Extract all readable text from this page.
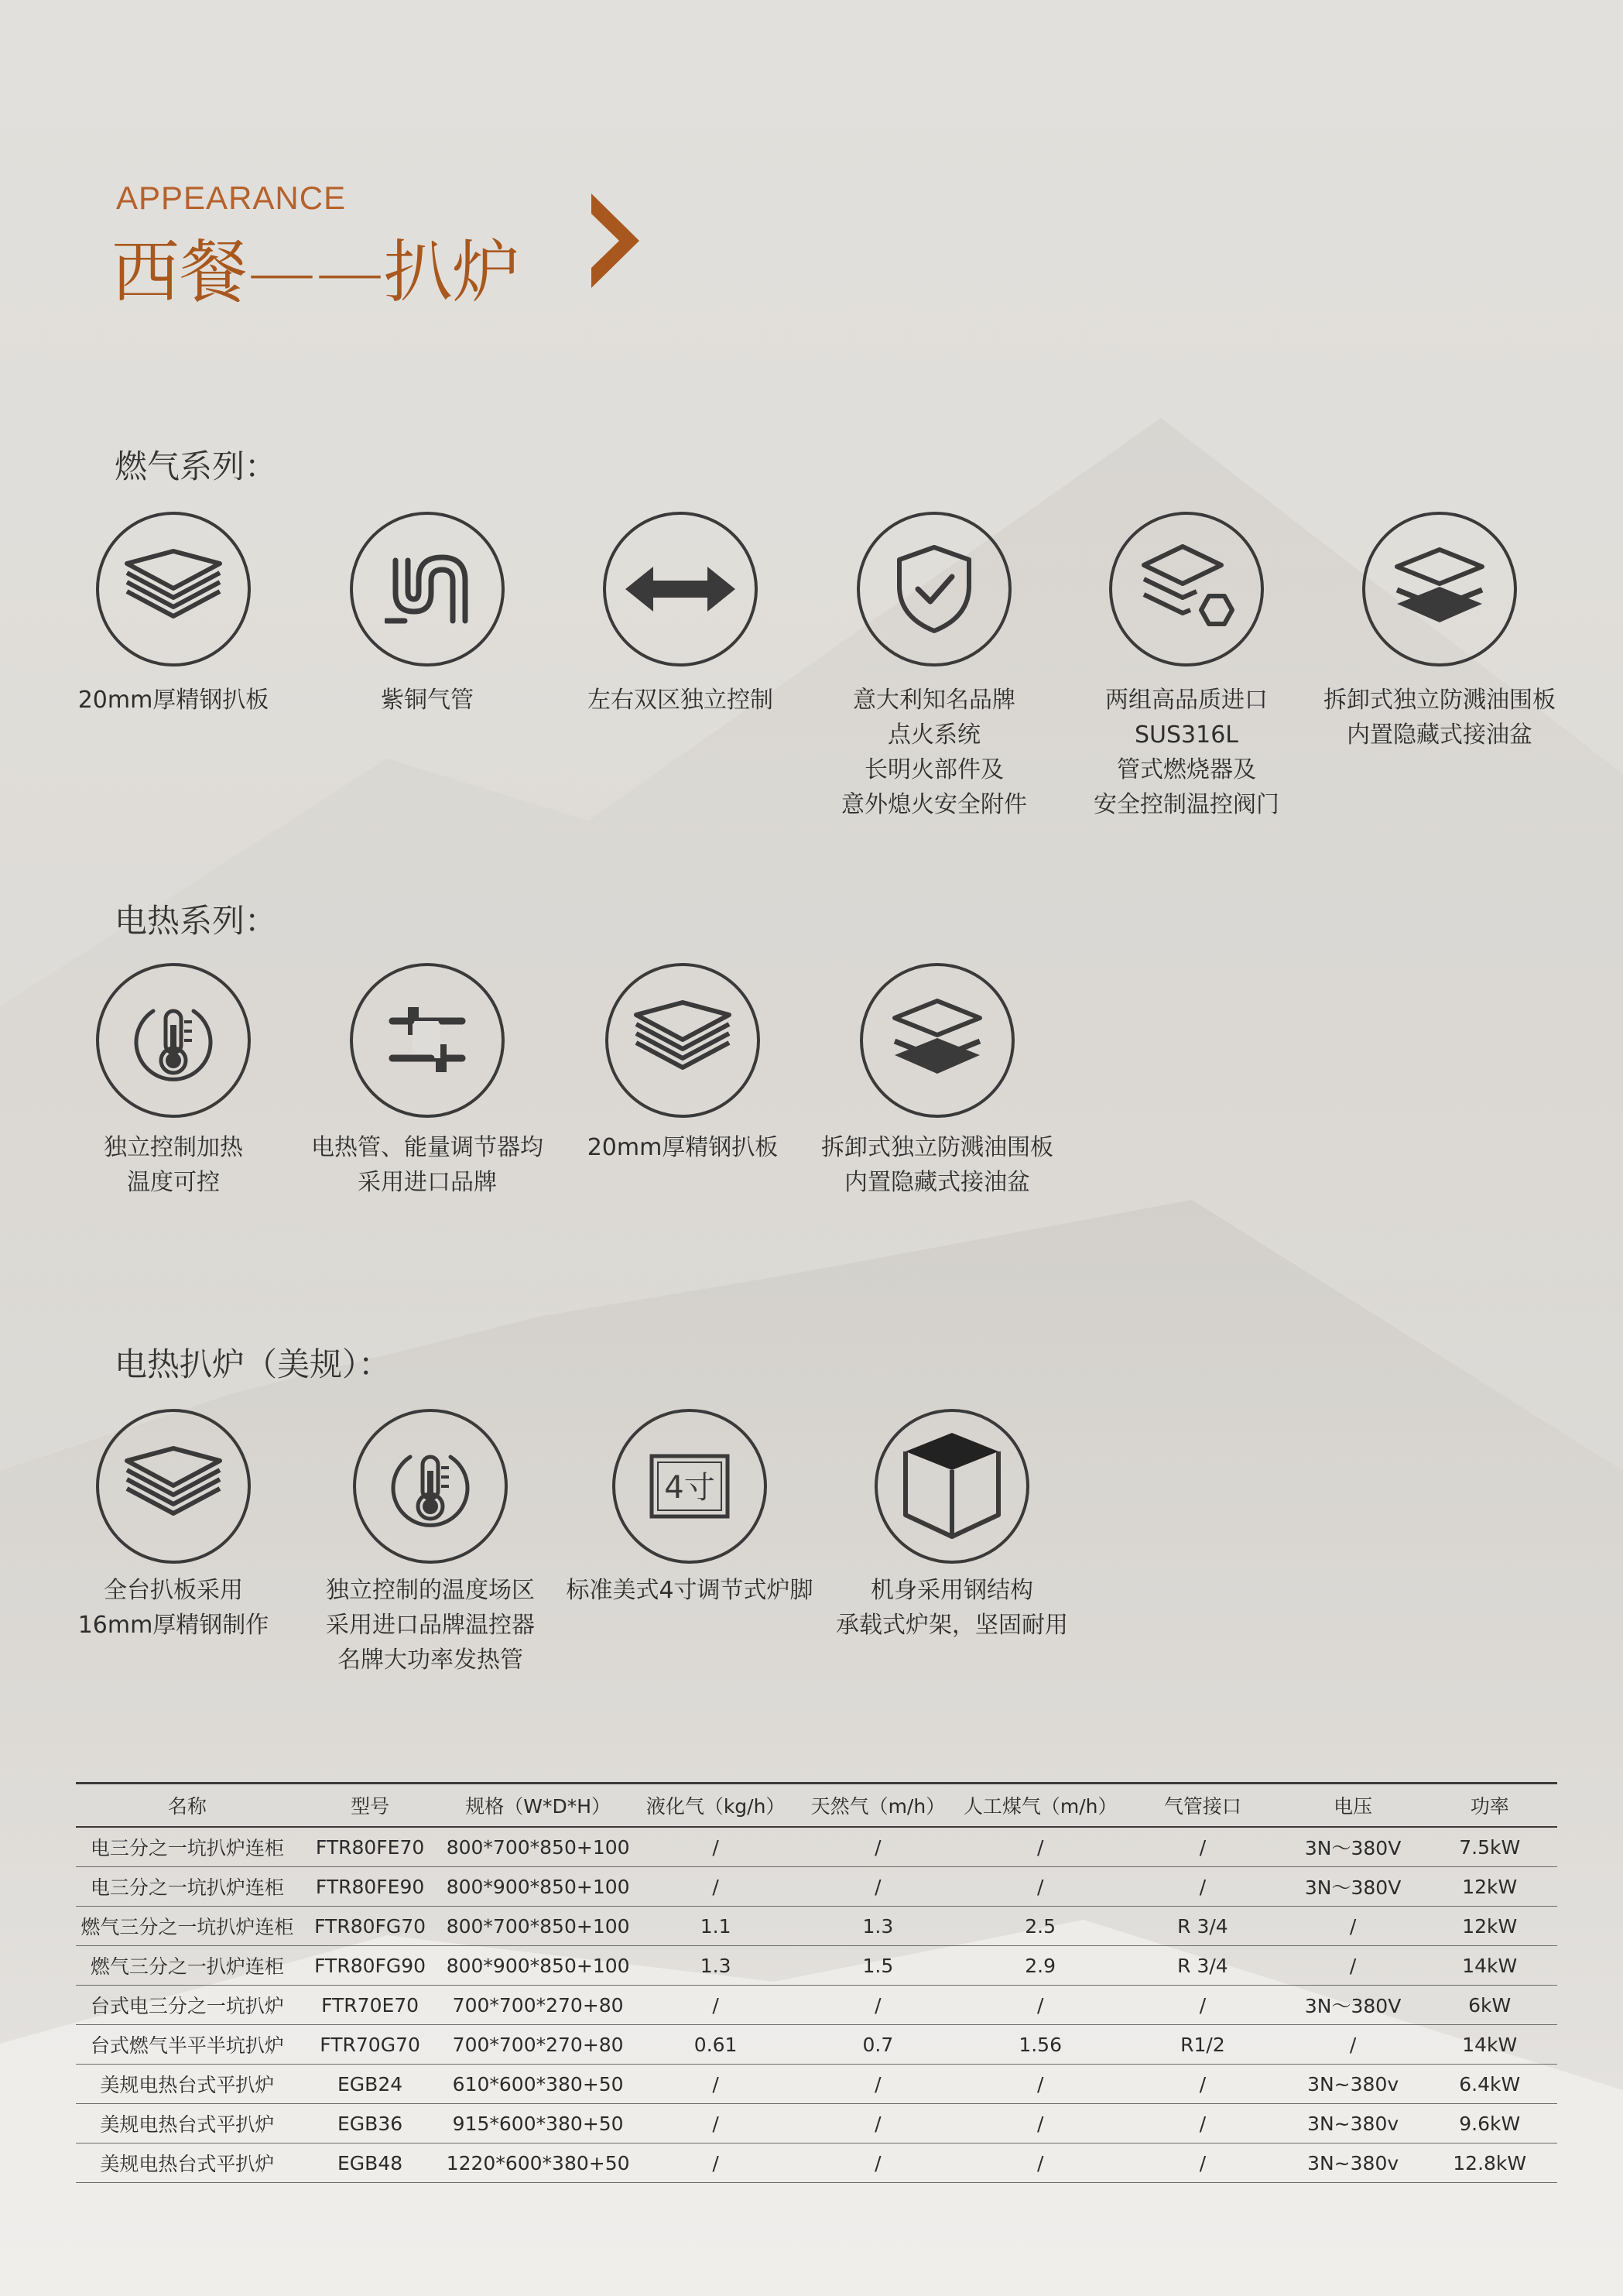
APPEARANCE
西餐——扒炉
燃气系列：
20mm厚精钢扒板	紫铜气管	左右双区独立控制	意大利知名品牌
点火系统
长明火部件及
意外熄火安全附件
两组高品质进口
SUS316L
管式燃烧器及
安全控制温控阀门
拆卸式独立防溅油围板
内置隐藏式接油盆
电热系列：
独立控制加热
温度可控
电热管、能量调节器均
采用进口品牌
20mm厚精钢扒板	拆卸式独立防溅油围板
内置隐藏式接油盆
电热扒炉（美规）：
全台扒板采用
16mm厚精钢制作
独立控制的温度场区
采用进口品牌温控器
名牌大功率发热管
4寸
标准美式4寸调节式炉脚	机身采用钢结构
承载式炉架，坚固耐用
名称	型号	规格（W*D*H）	液化气（kg/h）	天然气（m/h）	人工煤气（m/h）	气管接口	电压	功率
电三分之一坑扒炉连柜	FTR80FE70	800*700*850+100	/	/	/	/	3N～380V	7.5kW
电三分之一坑扒炉连柜	FTR80FE90	800*900*850+100	/	/	/	/	3N～380V	12kW
燃气三分之一坑扒炉连柜	FTR80FG70	800*700*850+100	1.1	1.3	2.5	R 3/4	/	12kW
燃气三分之一扒炉连柜	FTR80FG90	800*900*850+100	1.3	1.5	2.9	R 3/4	/	14kW
台式电三分之一坑扒炉	FTR70E70	700*700*270+80	/	/	/	/	3N～380V	6kW
台式燃气半平半坑扒炉	FTR70G70	700*700*270+80	0.61	0.7	1.56	R1/2	/	14kW
美规电热台式平扒炉	EGB24	610*600*380+50	/	/	/	/	3N~380v	6.4kW
美规电热台式平扒炉	EGB36	915*600*380+50	/	/	/	/	3N~380v	9.6kW
美规电热台式平扒炉	EGB48	1220*600*380+50	/	/	/	/	3N~380v	12.8kW
